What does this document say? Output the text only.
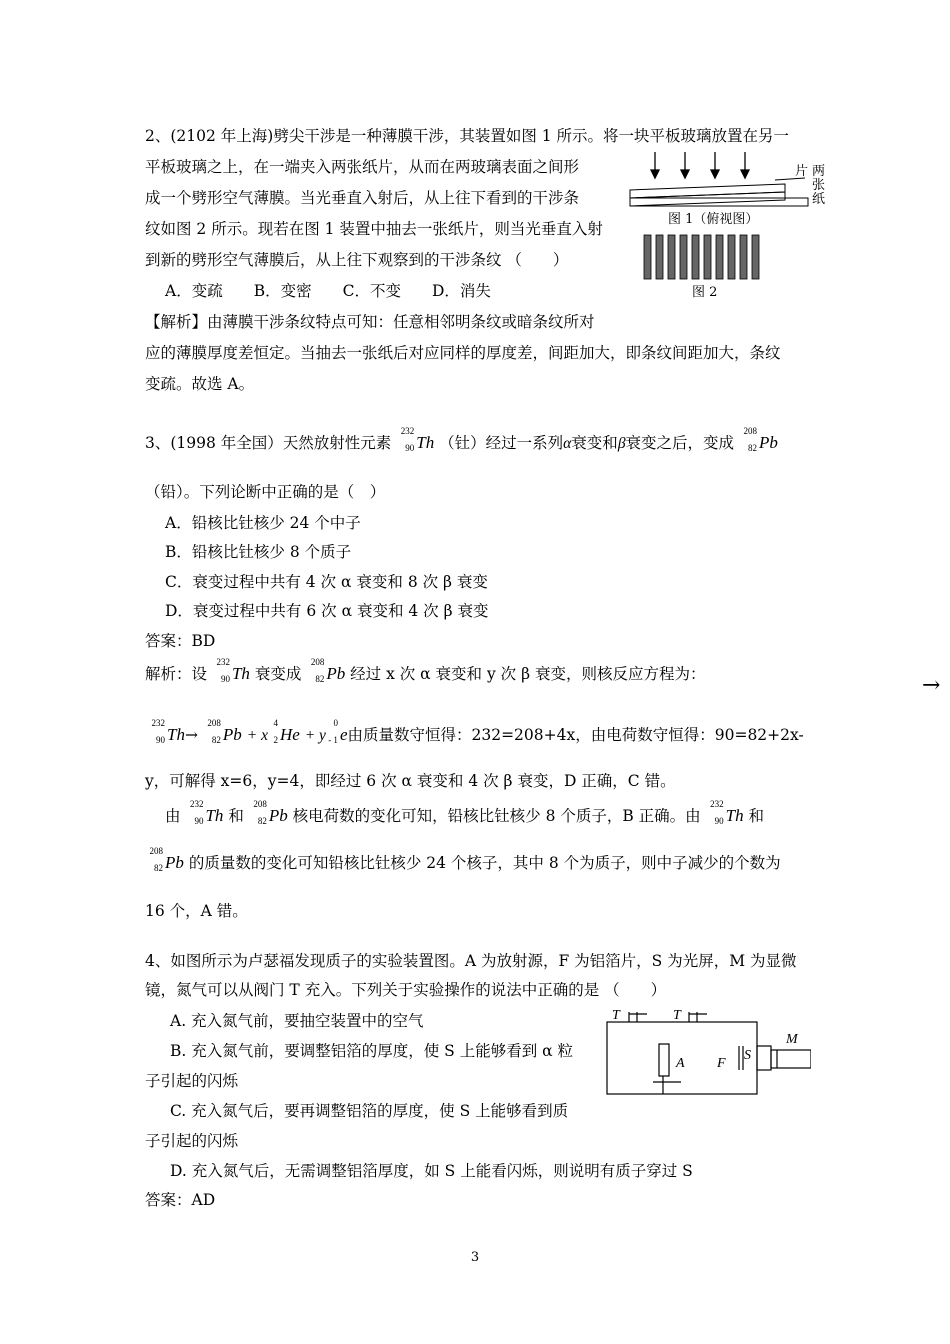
2、(2102 年上海)劈尖干涉是一种薄膜干涉，其装置如图 1 所示。将一块平板玻璃放置在另一
平板玻璃之上，在一端夹入两张纸片，从而在两玻璃表面之间形
成一个劈形空气薄膜。当光垂直入射后，从上往下看到的干涉条
纹如图 2 所示。现若在图 1 装置中抽去一张纸片，则当光垂直入射
到新的劈形空气薄膜后，从上往下观察到的干涉条纹 （　　）
A．变疏　　B．变密　　C．不变　　D．消失
【解析】由薄膜干涉条纹特点可知：任意相邻明条纹或暗条纹所对
应的薄膜厚度差恒定。当抽去一张纸后对应同样的厚度差，间距加大，即条纹间距加大，条纹
变疏。故选 A。
片 两
张
纸
图 1（俯视图）
图 2
3、(1998 年全国）天然放射性元素
232
90 Th （钍）经过一系列α衰变和β衰变之后，变成
208
82 Pb
（铅）。下列论断中正确的是（　）
A．铅核比钍核少 24 个中子
B．铅核比钍核少 8 个质子
C．衰变过程中共有 4 次 α 衰变和 8 次 β 衰变
D．衰变过程中共有 6 次 α 衰变和 4 次 β 衰变
答案：BD
解析：设
232
90 Th 衰变成
208
82 Pb 经过 x 次 α 衰变和 y 次 β 衰变，则核反应方程为：
232
90 Th→
208
82 Pb + x
4
2 He + y
0
- 1 e由质量数守恒得：232=208+4x，由电荷数守恒得：90=82+2x-
y，可解得 x=6，y=4，即经过 6 次 α 衰变和 4 次 β 衰变，D 正确，C 错。
由
232
90 Th 和
208
82 Pb 核电荷数的变化可知，铅核比钍核少 8 个质子，B 正确。由
232
90 Th 和
208
82 Pb 的质量数的变化可知铅核比钍核少 24 个核子，其中 8 个为质子，则中子减少的个数为
16 个，A 错。
→
4、如图所示为卢瑟福发现质子的实验装置图。A 为放射源，F 为铝箔片，S 为光屏，M 为显微
镜，氮气可以从阀门 T 充入。下列关于实验操作的说法中正确的是 （　　）
A. 充入氮气前，要抽空装置中的空气
B. 充入氮气前，要调整铝箔的厚度，使 S 上能够看到 α 粒
子引起的闪烁
C. 充入氮气后，要再调整铝箔的厚度，使 S 上能够看到质
子引起的闪烁
D. 充入氮气后，无需调整铝箔厚度，如 S 上能看闪烁，则说明有质子穿过 S
答案：AD
T	T
A F
S
M
3
